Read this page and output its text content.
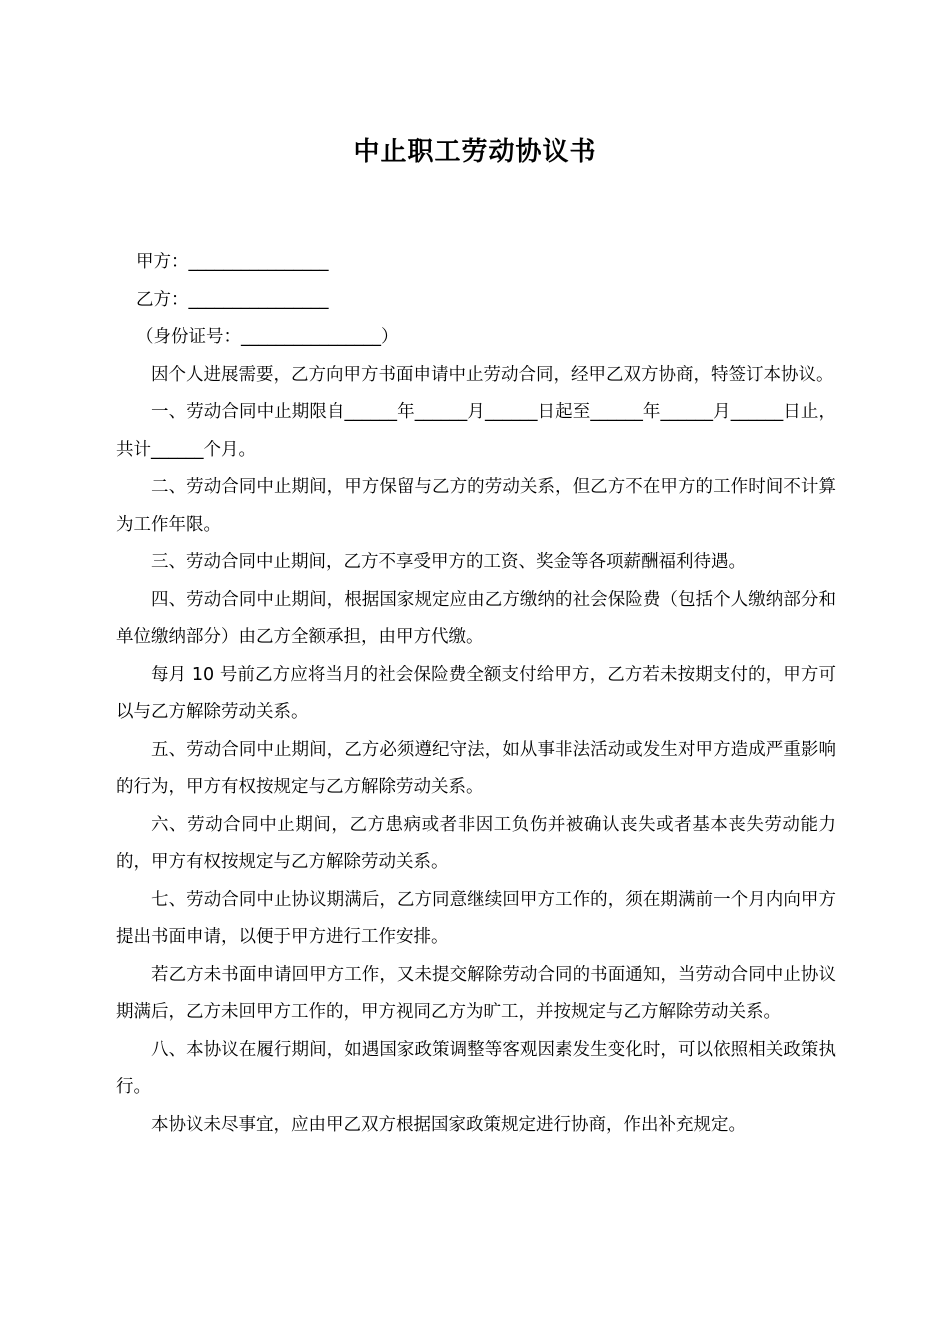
中止职工劳动协议书

甲方：________________

乙方：________________

（身份证号：________________）

因个人进展需要，乙方向甲方书面申请中止劳动合同，经甲乙双方协商，特签订本协议。

一、劳动合同中止期限自______年______月______日起至______年______月______日止，共计______个月。

二、劳动合同中止期间，甲方保留与乙方的劳动关系，但乙方不在甲方的工作时间不计算为工作年限。

三、劳动合同中止期间，乙方不享受甲方的工资、奖金等各项薪酬福利待遇。

四、劳动合同中止期间，根据国家规定应由乙方缴纳的社会保险费（包括个人缴纳部分和单位缴纳部分）由乙方全额承担，由甲方代缴。

每月 10 号前乙方应将当月的社会保险费全额支付给甲方，乙方若未按期支付的，甲方可以与乙方解除劳动关系。

五、劳动合同中止期间，乙方必须遵纪守法，如从事非法活动或发生对甲方造成严重影响的行为，甲方有权按规定与乙方解除劳动关系。

六、劳动合同中止期间，乙方患病或者非因工负伤并被确认丧失或者基本丧失劳动能力的，甲方有权按规定与乙方解除劳动关系。

七、劳动合同中止协议期满后，乙方同意继续回甲方工作的，须在期满前一个月内向甲方提出书面申请，以便于甲方进行工作安排。

若乙方未书面申请回甲方工作，又未提交解除劳动合同的书面通知，当劳动合同中止协议期满后，乙方未回甲方工作的，甲方视同乙方为旷工，并按规定与乙方解除劳动关系。

八、本协议在履行期间，如遇国家政策调整等客观因素发生变化时，可以依照相关政策执行。

本协议未尽事宜，应由甲乙双方根据国家政策规定进行协商，作出补充规定。
